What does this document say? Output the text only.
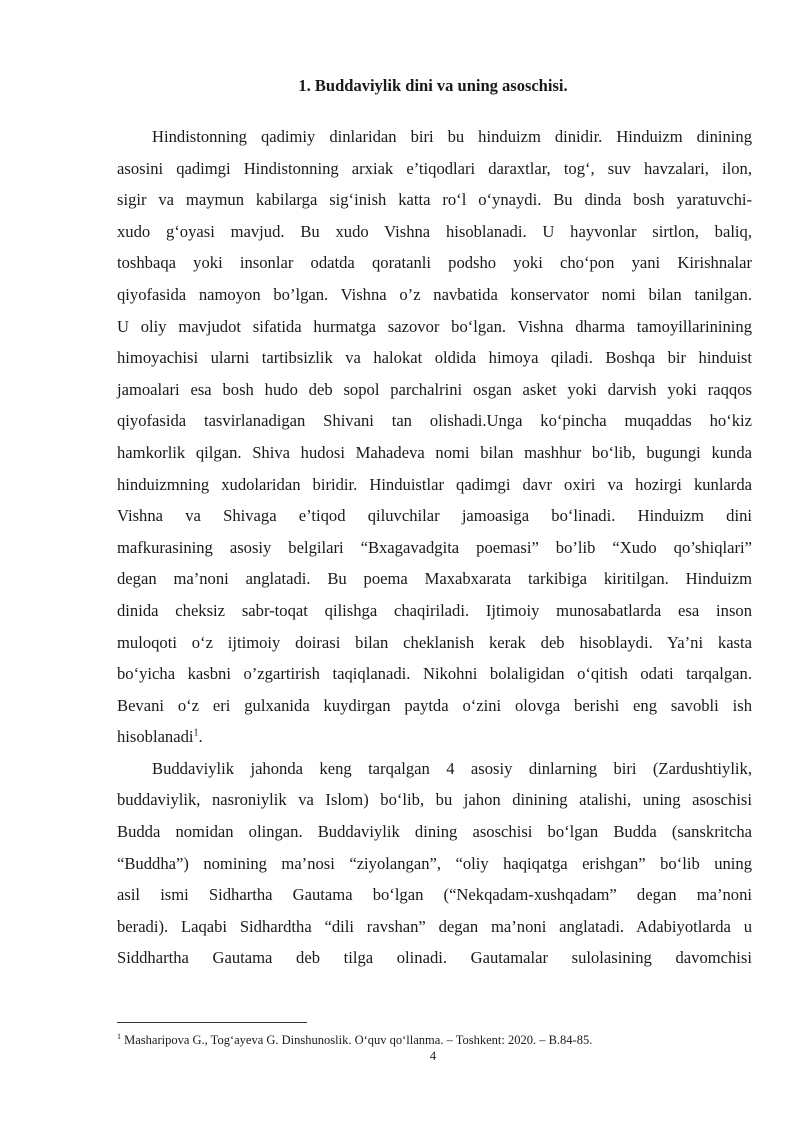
1. Buddaviylik dini va uning asoschisi.
Hindistonning qadimiy dinlaridan biri bu hinduizm dinidir. Hinduizm dinining
asosini qadimgi Hindistonning arxiak e’tiqodlari daraxtlar, tog‘, suv havzalari, ilon,
sigir va maymun kabilarga sig‘inish katta ro‘l o‘ynaydi. Bu dinda bosh yaratuvchi-
xudo g‘oyasi mavjud. Bu xudo Vishna hisoblanadi. U hayvonlar sirtlon, baliq,
toshbaqa yoki insonlar odatda qoratanli podsho yoki cho‘pon yani Kirishnalar
qiyofasida namoyon bo’lgan. Vishna o’z navbatida konservator nomi bilan tanilgan.
U oliy mavjudot sifatida hurmatga sazovor bo‘lgan. Vishna dharma tamoyillarinining
himoyachisi ularni tartibsizlik va halokat oldida himoya qiladi. Boshqa bir hinduist
jamoalari esa bosh hudo deb sopol parchalrini osgan asket yoki darvish yoki raqqos
qiyofasida tasvirlanadigan Shivani tan olishadi.Unga ko‘pincha muqaddas ho‘kiz
hamkorlik qilgan. Shiva hudosi Mahadeva nomi bilan mashhur bo‘lib, bugungi kunda
hinduizmning xudolaridan biridir. Hinduistlar qadimgi davr oxiri va hozirgi kunlarda
Vishna va Shivaga e’tiqod qiluvchilar jamoasiga bo‘linadi. Hinduizm dini
mafkurasining asosiy belgilari “Bxagavadgita poemasi” bo’lib “Xudo qo’shiqlari”
degan ma’noni anglatadi. Bu poema Maxabxarata tarkibiga kiritilgan. Hinduizm
dinida cheksiz sabr-toqat qilishga chaqiriladi. Ijtimoiy munosabatlarda esa inson
muloqoti o‘z ijtimoiy doirasi bilan cheklanish kerak deb hisoblaydi. Ya’ni kasta
bo‘yicha kasbni o’zgartirish taqiqlanadi. Nikohni bolaligidan o‘qitish odati tarqalgan.
Bevani o‘z eri gulxanida kuydirgan paytda o‘zini olovga berishi eng savobli ish
hisoblanadi$^1$.
Buddaviylik jahonda keng tarqalgan 4 asosiy dinlarning biri (Zardushtiylik,
buddaviylik, nasroniylik va Islom) bo‘lib, bu jahon dinining atalishi, uning asoschisi
Budda nomidan olingan. Buddaviylik dining asoschisi bo‘lgan Budda (sanskritcha
“Buddha”) nomining ma’nosi “ziyolangan”, “oliy haqiqatga erishgan” bo‘lib uning
asil ismi Sidhartha Gautama bo‘lgan (“Nekqadam-xushqadam” degan ma’noni
beradi). Laqabi Sidhardtha “dili ravshan” degan ma’noni anglatadi. Adabiyotlarda u
Siddhartha Gautama deb tilga olinadi. Gautamalar sulolasining davomchisi
$^1$ Masharipova G., Tog‘ayeva G. Dinshunoslik. O‘quv qo‘llanma. – Toshkent: 2020. – B.84-85.
4
